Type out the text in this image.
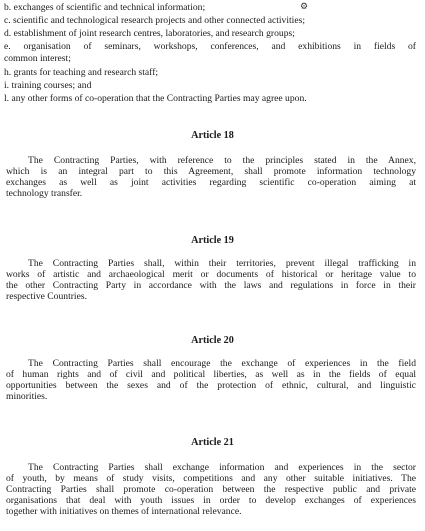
⚙
b. exchanges of scientific and technical information;
c. scientific and technological research projects and other connected activities;
d. establishment of joint research centres, laboratories, and research groups;
e. organisation of seminars, workshops, conferences, and exhibitions in fields of
common interest;
h. grants for teaching and research staff;
i. training courses; and
l. any other forms of co-operation that the Contracting Parties may agree upon.
Article 18
The Contracting Parties, with reference to the principles stated in the Annex,
which is an integral part to this Agreement, shall promote information technology
exchanges as well as joint activities regarding scientific co-operation aiming at
technology transfer.
Article 19
The Contracting Parties shall, within their territories, prevent illegal trafficking in
works of artistic and archaeological merit or documents of historical or heritage value to
the other Contracting Party in accordance with the laws and regulations in force in their
respective Countries.
Article 20
The Contracting Parties shall encourage the exchange of experiences in the field
of human rights and of civil and political liberties, as well as in the fields of equal
opportunities between the sexes and of the protection of ethnic, cultural, and linguistic
minorities.
Article 21
The Contracting Parties shall exchange information and experiences in the sector
of youth, by means of study visits, competitions and any other suitable initiatives. The
Contracting Parties shall promote co-operation between the respective public and private
organisations that deal with youth issues in order to develop exchanges of experiences
together with initiatives on themes of international relevance.
